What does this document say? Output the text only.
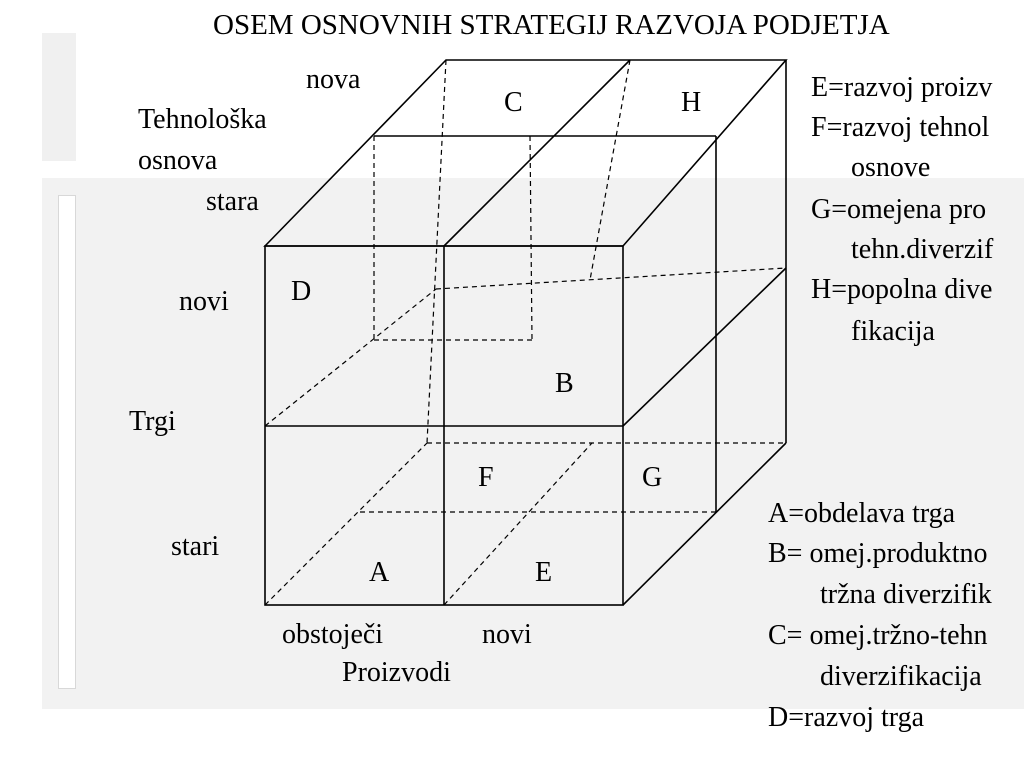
OSEM OSNOVNIH STRATEGIJ RAZVOJA PODJETJA
nova
Tehnološka
osnova
stara
novi
Trgi
stari
obstoječi	novi
Proizvodi
C	H
D
B
F	G
A	E
E=razvoj proizv
F=razvoj tehnol
osnove
G=omejena pro
tehn.diverzif
H=popolna dive
fikacija
A=obdelava trga
B= omej.produktno
tržna diverzifik
C= omej.tržno-tehn
diverzifikacija
D=razvoj trga
